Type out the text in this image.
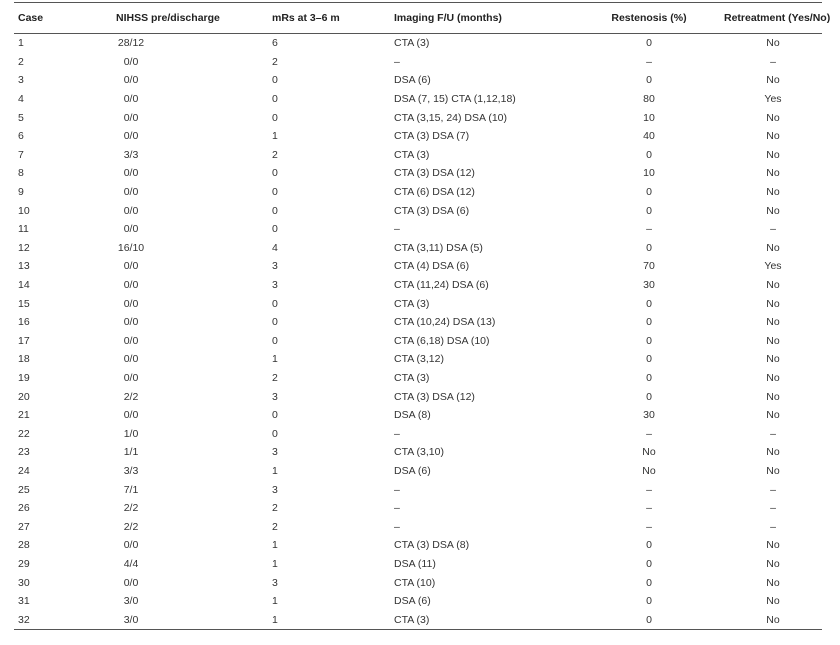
Case	NIHSS pre/discharge	mRs at 3–6 m	Imaging F/U (months)	Restenosis (%)	Retreatment (Yes/No)
1	28/12	6	CTA (3)	0	No
2	0/0	2	–	–	–
3	0/0	0	DSA (6)	0	No
4	0/0	0	DSA (7, 15) CTA (1,12,18)	80	Yes
5	0/0	0	CTA (3,15, 24) DSA (10)	10	No
6	0/0	1	CTA (3) DSA (7)	40	No
7	3/3	2	CTA (3)	0	No
8	0/0	0	CTA (3) DSA (12)	10	No
9	0/0	0	CTA (6) DSA (12)	0	No
10	0/0	0	CTA (3) DSA (6)	0	No
11	0/0	0	–	–	–
12	16/10	4	CTA (3,11) DSA (5)	0	No
13	0/0	3	CTA (4) DSA (6)	70	Yes
14	0/0	3	CTA (11,24) DSA (6)	30	No
15	0/0	0	CTA (3)	0	No
16	0/0	0	CTA (10,24) DSA (13)	0	No
17	0/0	0	CTA (6,18) DSA (10)	0	No
18	0/0	1	CTA (3,12)	0	No
19	0/0	2	CTA (3)	0	No
20	2/2	3	CTA (3) DSA (12)	0	No
21	0/0	0	DSA (8)	30	No
22	1/0	0	–	–	–
23	1/1	3	CTA (3,10)	No	No
24	3/3	1	DSA (6)	No	No
25	7/1	3	–	–	–
26	2/2	2	–	–	–
27	2/2	2	–	–	–
28	0/0	1	CTA (3) DSA (8)	0	No
29	4/4	1	DSA (11)	0	No
30	0/0	3	CTA (10)	0	No
31	3/0	1	DSA (6)	0	No
32	3/0	1	CTA (3)	0	No
